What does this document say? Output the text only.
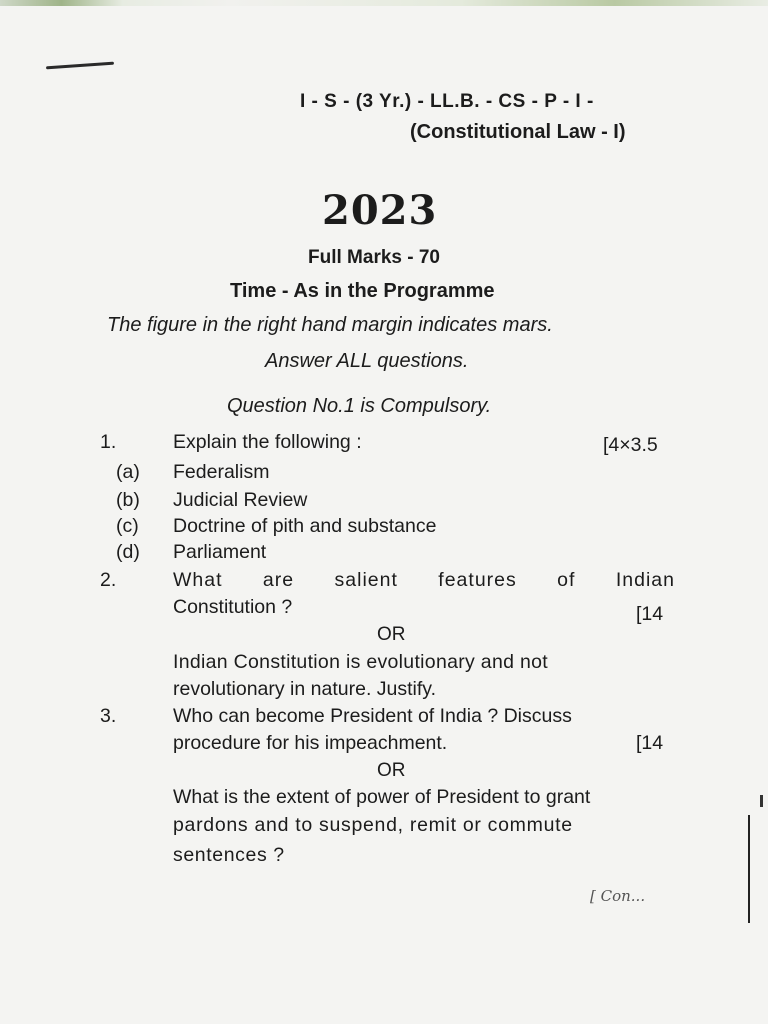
I - S - (3 Yr.) - LL.B. - CS - P - I -
(Constitutional Law - I)
2023
Full Marks - 70
Time - As in the Programme
The figure in the right hand margin indicates mars.
Answer ALL questions.
Question No.1 is Compulsory.
1.	Explain the following :	[4×3.5
(a) Federalism
(b) Judicial Review
(c) Doctrine of pith and substance
(d) Parliament
2.	What are salient features of Indian
Constitution ?	[14
OR
Indian Constitution is evolutionary and not
revolutionary in nature. Justify.
3.	Who can become President of India ? Discuss
procedure for his impeachment.	[14
OR
What is the extent of power of President to grant
pardons and to suspend, remit or commute
sentences ?
[ Con...
